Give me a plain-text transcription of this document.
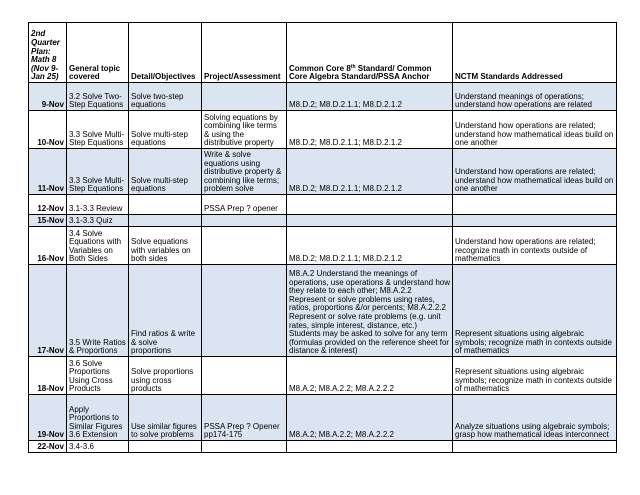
2nd Quarter Plan: Math 8 (Nov 9-Jan 25)	General topic covered	Detail/Objectives	Project/Assessment	Common Core 8th Standard/ Common Core Algebra Standard/PSSA Anchor	NCTM Standards Addressed
9-Nov	3.2 Solve Two-Step Equations	Solve two-step equations		M8.D.2; M8.D.2.1.1; M8.D.2.1.2	Understand meanings of operations; understand how operations are related
10-Nov	3.3 Solve Multi-Step Equations	Solve multi-step equations	Solving equations by combining like terms & using the distributive property	M8.D.2; M8.D.2.1.1; M8.D.2.1.2	Understand how operations are related; understand how mathematical ideas build on one another
11-Nov	3.3 Solve Multi-Step Equations	Solve multi-step equations	Write & solve equations using distributive property & combining like terms; problem solve	M8.D.2; M8.D.2.1.1; M8.D.2.1.2	Understand how operations are related; understand how mathematical ideas build on one another
12-Nov	3.1-3.3 Review		PSSA Prep ? opener		
15-Nov	3.1-3.3 Quiz				
16-Nov	3.4 Solve Equations with Variables on Both Sides	Solve equations with variables on both sides		M8.D.2; M8.D.2.1.1; M8.D.2.1.2	Understand how operations are related; recognize math in contexts outside of mathematics
17-Nov	3.5 Write Ratios & Proportions	Find ratios & write & solve proportions		M8.A.2 Understand the meanings of operations, use operations & understand how they relate to each other; M8.A.2.2 Represent or solve problems using rates, ratios, proportions &/or percents; M8.A.2.2.2 Represent or solve rate problems (e.g. unit rates, simple interest, distance, etc.) Students may be asked to solve for any term (formulas provided on the reference sheet for distance & interest)	Represent situations using algebraic symbols; recognize math in contexts outside of mathematics
18-Nov	3.6 Solve Proportions Using Cross Products	Solve proportions using cross products		M8.A.2; M8.A.2.2; M8.A.2.2.2	Represent situations using algebraic symbols; recognize math in contexts outside of mathematics
19-Nov	Apply Proportions to Similar Figures 3.6 Extension	Use similar figures to solve problems	PSSA Prep ? Opener pp174-175	M8.A.2; M8.A.2.2; M8.A.2.2.2	Analyze situations using algebraic symbols; grasp how mathematical ideas interconnect
22-Nov	3.4-3.6				
